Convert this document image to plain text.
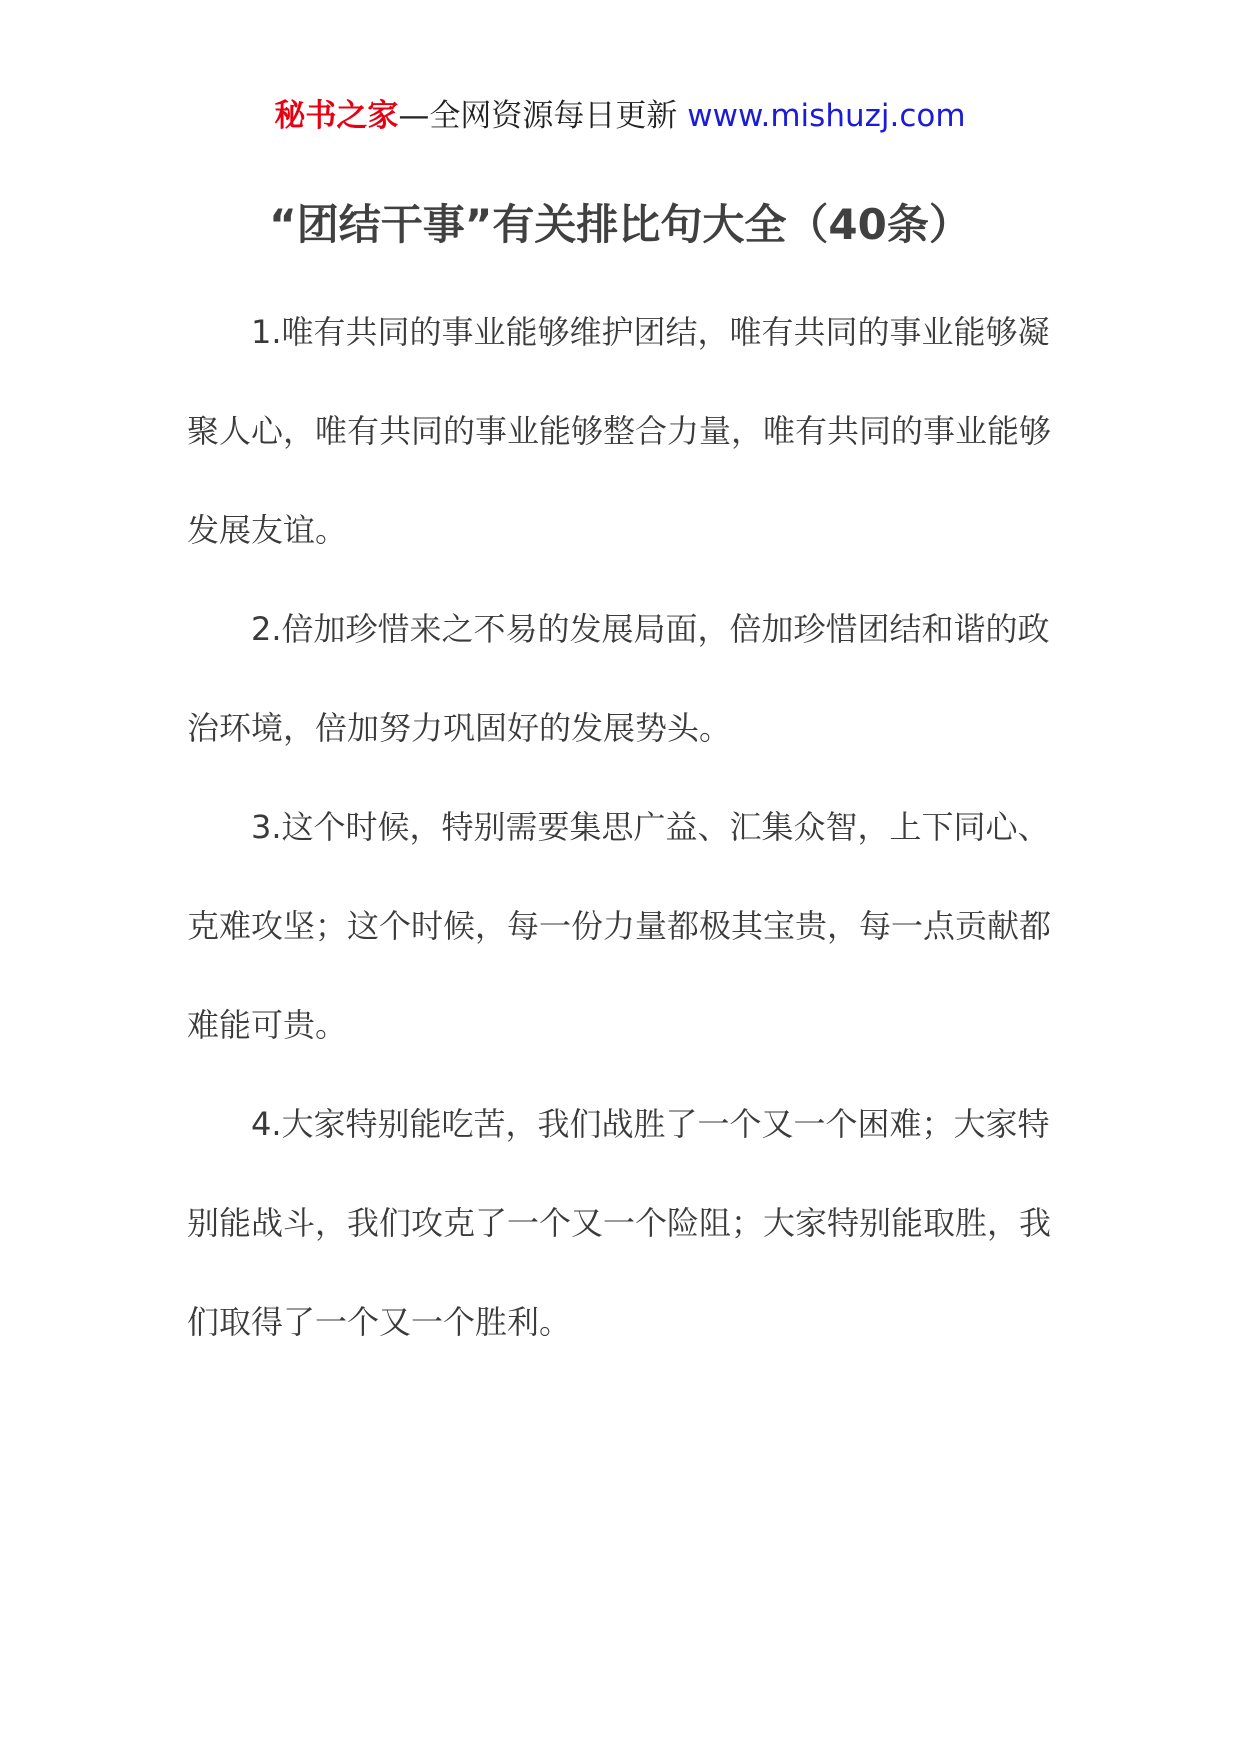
秘书之家—全网资源每日更新 www.mishuzj.com
“团结干事”有关排比句大全（40条）

1.唯有共同的事业能够维护团结，唯有共同的事业能够凝聚人心，唯有共同的事业能够整合力量，唯有共同的事业能够发展友谊。

2.倍加珍惜来之不易的发展局面，倍加珍惜团结和谐的政治环境，倍加努力巩固好的发展势头。

3.这个时候，特别需要集思广益、汇集众智，上下同心、克难攻坚；这个时候，每一份力量都极其宝贵，每一点贡献都难能可贵。

4.大家特别能吃苦，我们战胜了一个又一个困难；大家特别能战斗，我们攻克了一个又一个险阻；大家特别能取胜，我们取得了一个又一个胜利。
